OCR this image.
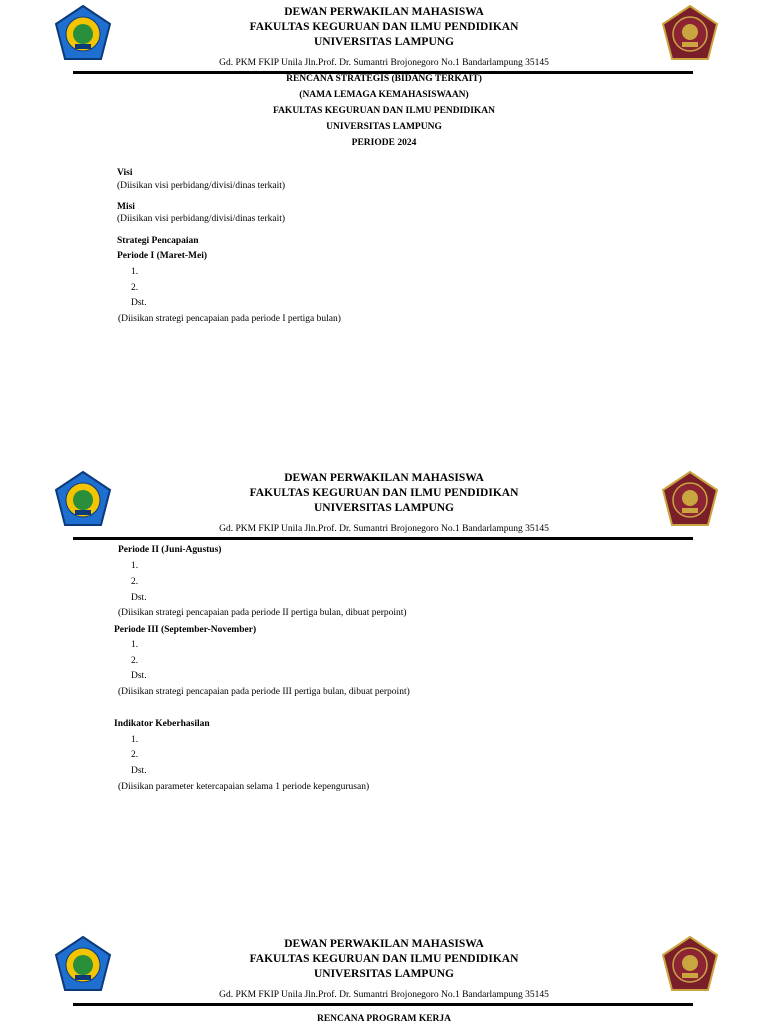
DEWAN PERWAKILAN MAHASISWA
FAKULTAS KEGURUAN DAN ILMU PENDIDIKAN
UNIVERSITAS LAMPUNG
Gd. PKM FKIP Unila Jln.Prof. Dr. Sumantri Brojonegoro No.1 Bandarlampung 35145
RENCANA STRATEGIS (BIDANG TERKAIT)
(NAMA LEMAGA KEMAHASISWAAN)
FAKULTAS KEGURUAN DAN ILMU PENDIDIKAN
UNIVERSITAS LAMPUNG
PERIODE 2024
Visi
(Diisikan visi perbidang/divisi/dinas terkait)
Misi
(Diisikan visi perbidang/divisi/dinas terkait)
Strategi Pencapaian
Periode I (Maret-Mei)
1.
2.
Dst.
(Diisikan strategi pencapaian pada periode I pertiga bulan)
DEWAN PERWAKILAN MAHASISWA
FAKULTAS KEGURUAN DAN ILMU PENDIDIKAN
UNIVERSITAS LAMPUNG
Gd. PKM FKIP Unila Jln.Prof. Dr. Sumantri Brojonegoro No.1 Bandarlampung 35145
Periode II (Juni-Agustus)
1.
2.
Dst.
(Diisikan strategi pencapaian pada periode II pertiga bulan, dibuat perpoint)
Periode III (September-November)
1.
2.
Dst.
(Diisikan strategi pencapaian pada periode III pertiga bulan, dibuat perpoint)
Indikator Keberhasilan
1.
2.
Dst.
(Diisikan parameter ketercapaian selama 1 periode kepengurusan)
DEWAN PERWAKILAN MAHASISWA
FAKULTAS KEGURUAN DAN ILMU PENDIDIKAN
UNIVERSITAS LAMPUNG
Gd. PKM FKIP Unila Jln.Prof. Dr. Sumantri Brojonegoro No.1 Bandarlampung 35145
RENCANA PROGRAM KERJA
